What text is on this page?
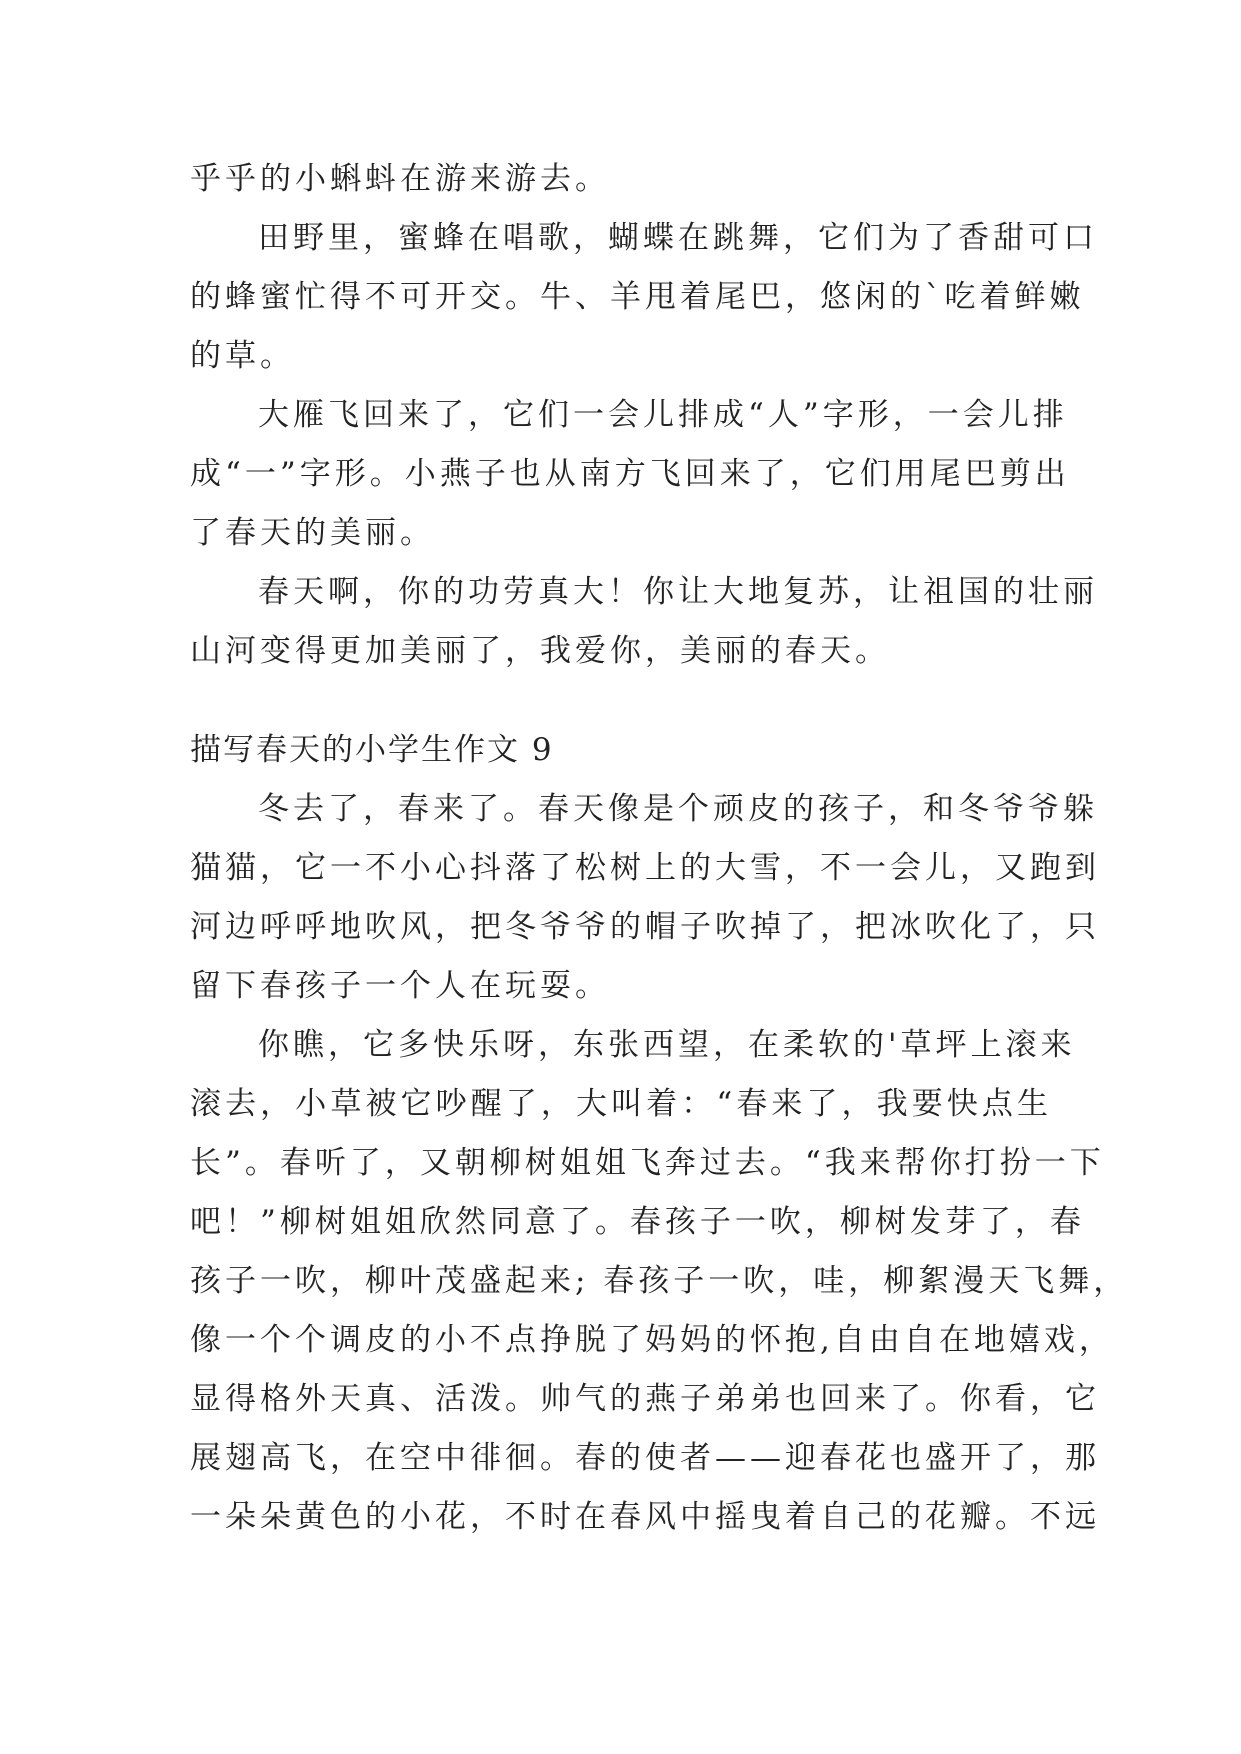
乎乎的小蝌蚪在游来游去。
田野里，蜜蜂在唱歌，蝴蝶在跳舞，它们为了香甜可口
的蜂蜜忙得不可开交。牛、羊甩着尾巴，悠闲的`吃着鲜嫩
的草。
大雁飞回来了，它们一会儿排成“人”字形，一会儿排
成“一”字形。小燕子也从南方飞回来了，它们用尾巴剪出
了春天的美丽。
春天啊，你的功劳真大！你让大地复苏，让祖国的壮丽
山河变得更加美丽了，我爱你，美丽的春天。
描写春天的小学生作文 9
冬去了，春来了。春天像是个顽皮的孩子，和冬爷爷躲
猫猫，它一不小心抖落了松树上的大雪，不一会儿，又跑到
河边呼呼地吹风，把冬爷爷的帽子吹掉了，把冰吹化了，只
留下春孩子一个人在玩耍。
你瞧，它多快乐呀，东张西望，在柔软的'草坪上滚来
滚去，小草被它吵醒了，大叫着：“春来了，我要快点生
长”。春听了，又朝柳树姐姐飞奔过去。“我来帮你打扮一下
吧！”柳树姐姐欣然同意了。春孩子一吹，柳树发芽了，春
孩子一吹，柳叶茂盛起来; 春孩子一吹，哇，柳絮漫天飞舞，
像一个个调皮的小不点挣脱了妈妈的怀抱,自由自在地嬉戏，
显得格外天真、活泼。帅气的燕子弟弟也回来了。你看，它
展翅高飞，在空中徘徊。春的使者——迎春花也盛开了，那
一朵朵黄色的小花，不时在春风中摇曳着自己的花瓣。不远
